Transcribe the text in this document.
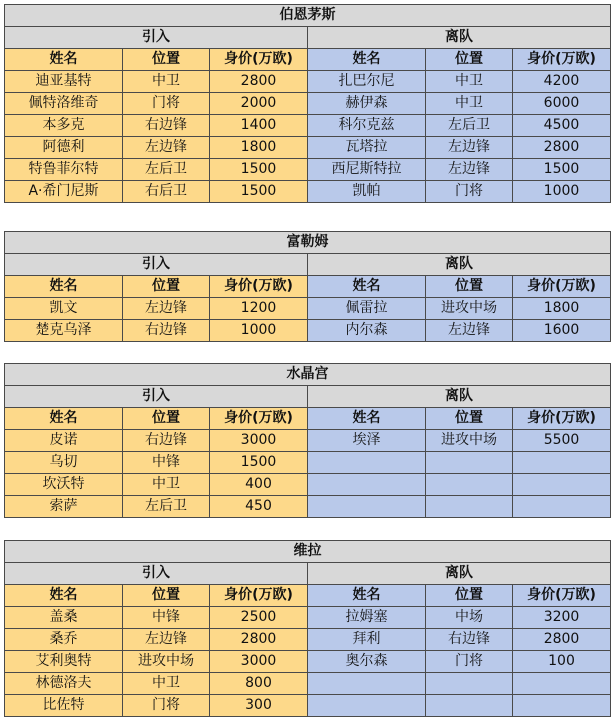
伯恩茅斯					
引入			离队		
姓名	位置	身价(万欧)	姓名	位置	身价(万欧)
迪亚基特	中卫	2800	扎巴尔尼	中卫	4200
佩特洛维奇	门将	2000	赫伊森	中卫	6000
本多克	右边锋	1400	科尔克兹	左后卫	4500
阿德利	左边锋	1800	瓦塔拉	左边锋	2800
特鲁菲尔特	左后卫	1500	西尼斯特拉	左边锋	1500
A·希门尼斯	右后卫	1500	凯帕	门将	1000
富勒姆					
引入			离队		
姓名	位置	身价(万欧)	姓名	位置	身价(万欧)
凯文	左边锋	1200	佩雷拉	进攻中场	1800
楚克乌泽	右边锋	1000	内尔森	左边锋	1600
水晶宫					
引入			离队		
姓名	位置	身价(万欧)	姓名	位置	身价(万欧)
皮诺	右边锋	3000	埃泽	进攻中场	5500
乌切	中锋	1500			
坎沃特	中卫	400			
索萨	左后卫	450			
维拉					
引入			离队		
姓名	位置	身价(万欧)	姓名	位置	身价(万欧)
盖桑	中锋	2500	拉姆塞	中场	3200
桑乔	左边锋	2800	拜利	右边锋	2800
艾利奥特	进攻中场	3000	奥尔森	门将	100
林德洛夫	中卫	800			
比佐特	门将	300			
